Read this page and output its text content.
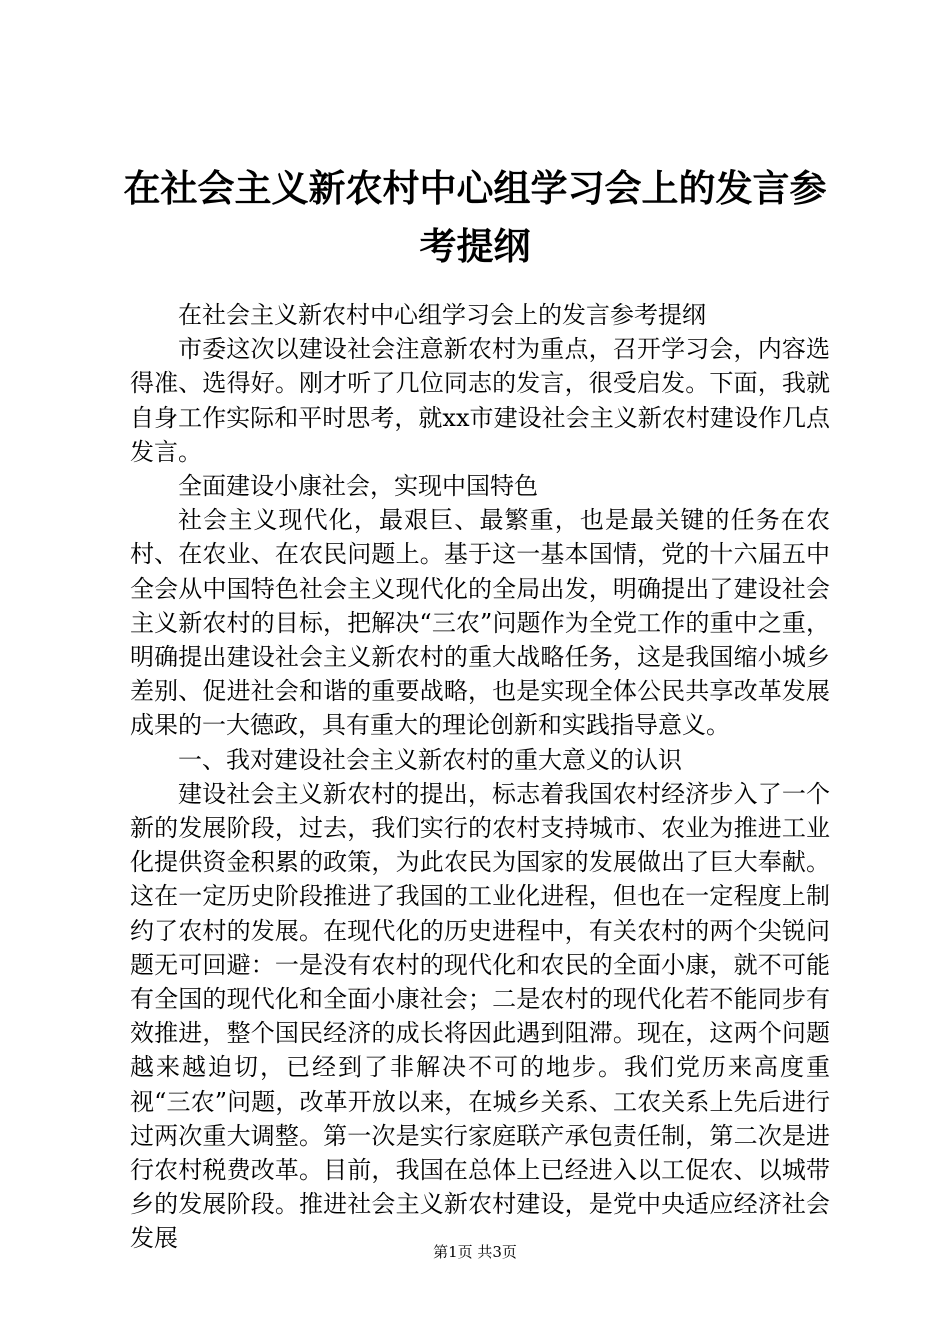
在社会主义新农村中心组学习会上的发言参考提纲

在社会主义新农村中心组学习会上的发言参考提纲

市委这次以建设社会注意新农村为重点，召开学习会，内容选得准、选得好。刚才听了几位同志的发言，很受启发。下面，我就自身工作实际和平时思考，就xx市建设社会主义新农村建设作几点发言。

全面建设小康社会，实现中国特色

社会主义现代化，最艰巨、最繁重，也是最关键的任务在农村、在农业、在农民问题上。基于这一基本国情，党的十六届五中全会从中国特色社会主义现代化的全局出发，明确提出了建设社会主义新农村的目标，把解决“三农”问题作为全党工作的重中之重，明确提出建设社会主义新农村的重大战略任务，这是我国缩小城乡差别、促进社会和谐的重要战略，也是实现全体公民共享改革发展成果的一大德政，具有重大的理论创新和实践指导意义。

一、我对建设社会主义新农村的重大意义的认识

建设社会主义新农村的提出，标志着我国农村经济步入了一个新的发展阶段，过去，我们实行的农村支持城市、农业为推进工业化提供资金积累的政策，为此农民为国家的发展做出了巨大奉献。这在一定历史阶段推进了我国的工业化进程，但也在一定程度上制约了农村的发展。在现代化的历史进程中，有关农村的两个尖锐问题无可回避：一是没有农村的现代化和农民的全面小康，就不可能有全国的现代化和全面小康社会；二是农村的现代化若不能同步有效推进，整个国民经济的成长将因此遇到阻滞。现在，这两个问题越来越迫切，已经到了非解决不可的地步。我们党历来高度重视“三农”问题，改革开放以来，在城乡关系、工农关系上先后进行过两次重大调整。第一次是实行家庭联产承包责任制，第二次是进行农村税费改革。目前，我国在总体上已经进入以工促农、以城带乡的发展阶段。推进社会主义新农村建设，是党中央适应经济社会发展	第1页 共3页
